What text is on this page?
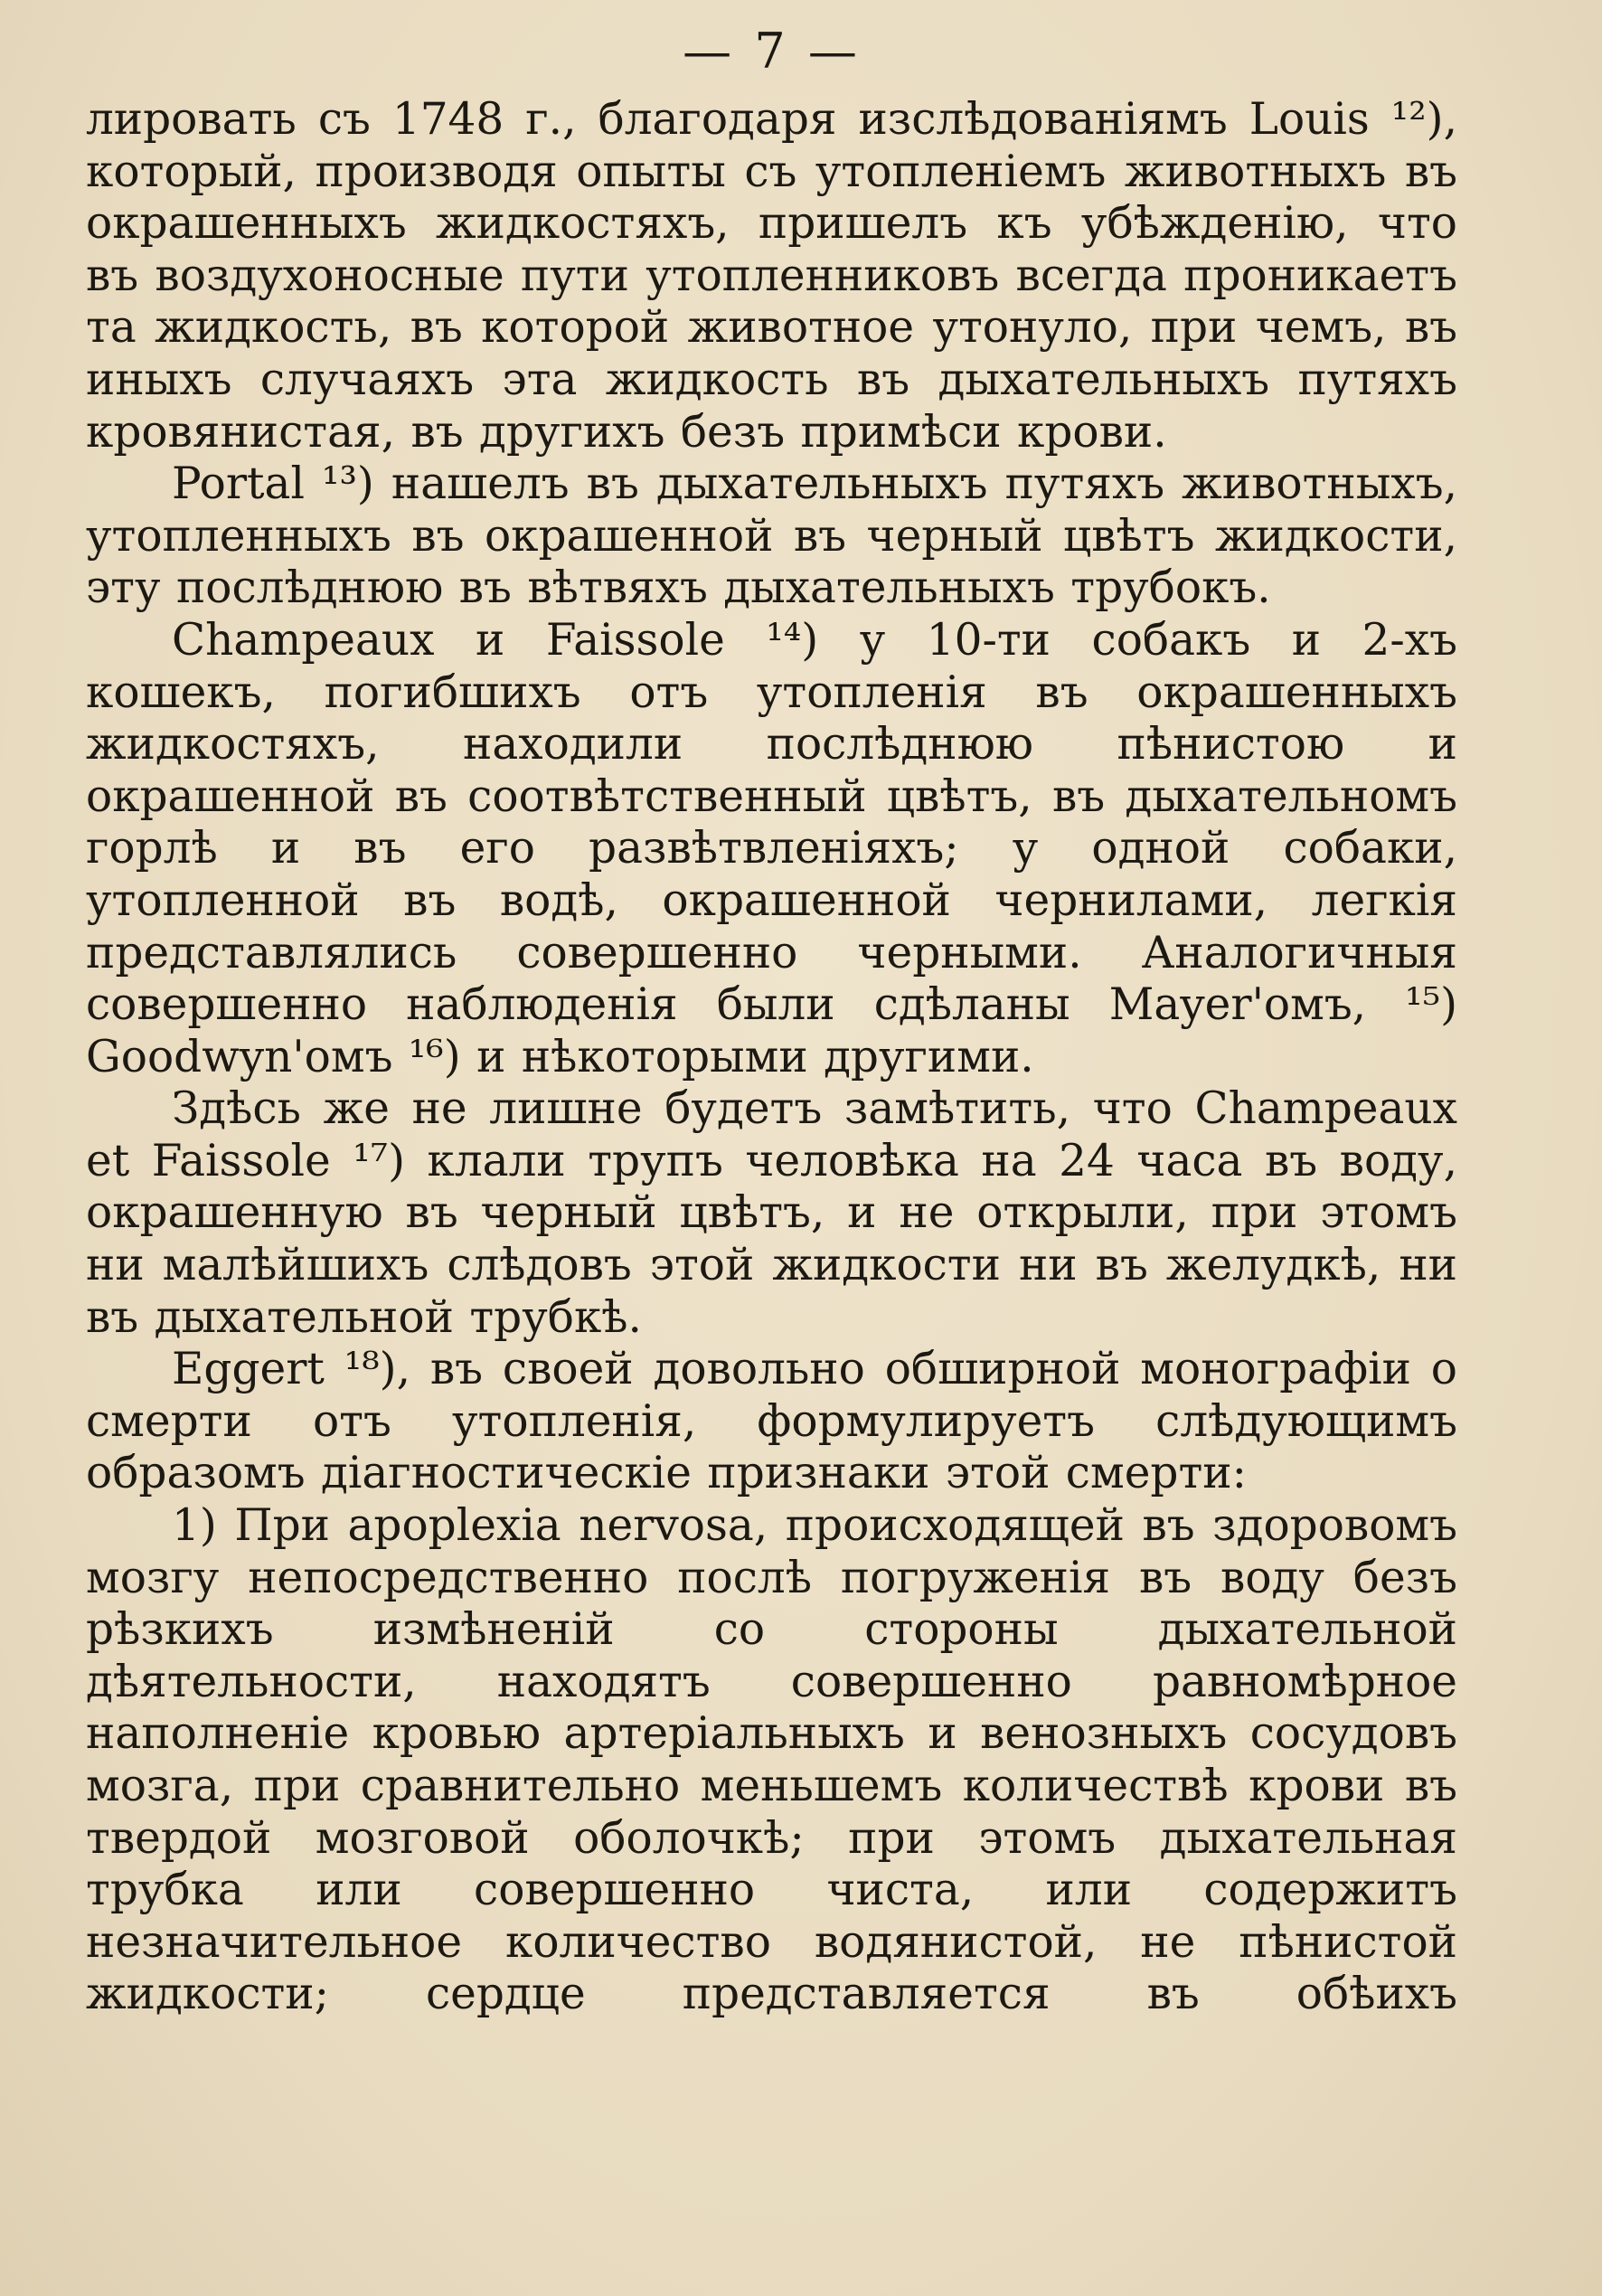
— 7 —

лировать съ 1748 г., благодаря изслѣдованіямъ Louis ¹²), который, производя опыты съ утопленіемъ животныхъ въ окрашенныхъ жидкостяхъ, пришелъ къ убѣжденію, что въ воздухоносные пути утопленниковъ всегда проникаетъ та жидкость, въ которой животное утонуло, при чемъ, въ иныхъ случаяхъ эта жидкость въ дыхательныхъ путяхъ кровянистая, въ другихъ безъ примѣси крови.

Portal ¹³) нашелъ въ дыхательныхъ путяхъ животныхъ, утопленныхъ въ окрашенной въ черный цвѣтъ жидкости, эту послѣднюю въ вѣтвяхъ дыхательныхъ трубокъ.

Champeaux и Faissole ¹⁴) у 10-ти собакъ и 2-хъ кошекъ, погибшихъ отъ утопленія въ окрашенныхъ жидкостяхъ, находили послѣднюю пѣнистою и окрашенной въ соотвѣтственный цвѣтъ, въ дыхательномъ горлѣ и въ его развѣтвленіяхъ; у одной собаки, утопленной въ водѣ, окрашенной чернилами, легкія представлялись совершенно черными. Аналогичныя совершенно наблюденія были сдѣланы Mayer'омъ, ¹⁵) Goodwyn'омъ ¹⁶) и нѣкоторыми другими.

Здѣсь же не лишне будетъ замѣтить, что Champeaux et Faissole ¹⁷) клали трупъ человѣка на 24 часа въ воду, окрашенную въ черный цвѣтъ, и не открыли, при этомъ ни малѣйшихъ слѣдовъ этой жидкости ни въ желудкѣ, ни въ дыхательной трубкѣ.

Eggert ¹⁸), въ своей довольно обширной монографіи о смерти отъ утопленія, формулируетъ слѣдующимъ образомъ діагностическіе признаки этой смерти:

1) При apoplexia nervosa, происходящей въ здоровомъ мозгу непосредственно послѣ погруженія въ воду безъ рѣзкихъ измѣненій со стороны дыхательной дѣятельности, находятъ совершенно равномѣрное наполненіе кровью артеріальныхъ и венозныхъ сосудовъ мозга, при сравнительно меньшемъ количествѣ крови въ твердой мозговой оболочкѣ; при этомъ дыхательная трубка или совершенно чиста, или содержитъ незначительное количество водянистой, не пѣнистой жидкости; сердце представляется въ обѣихъ
